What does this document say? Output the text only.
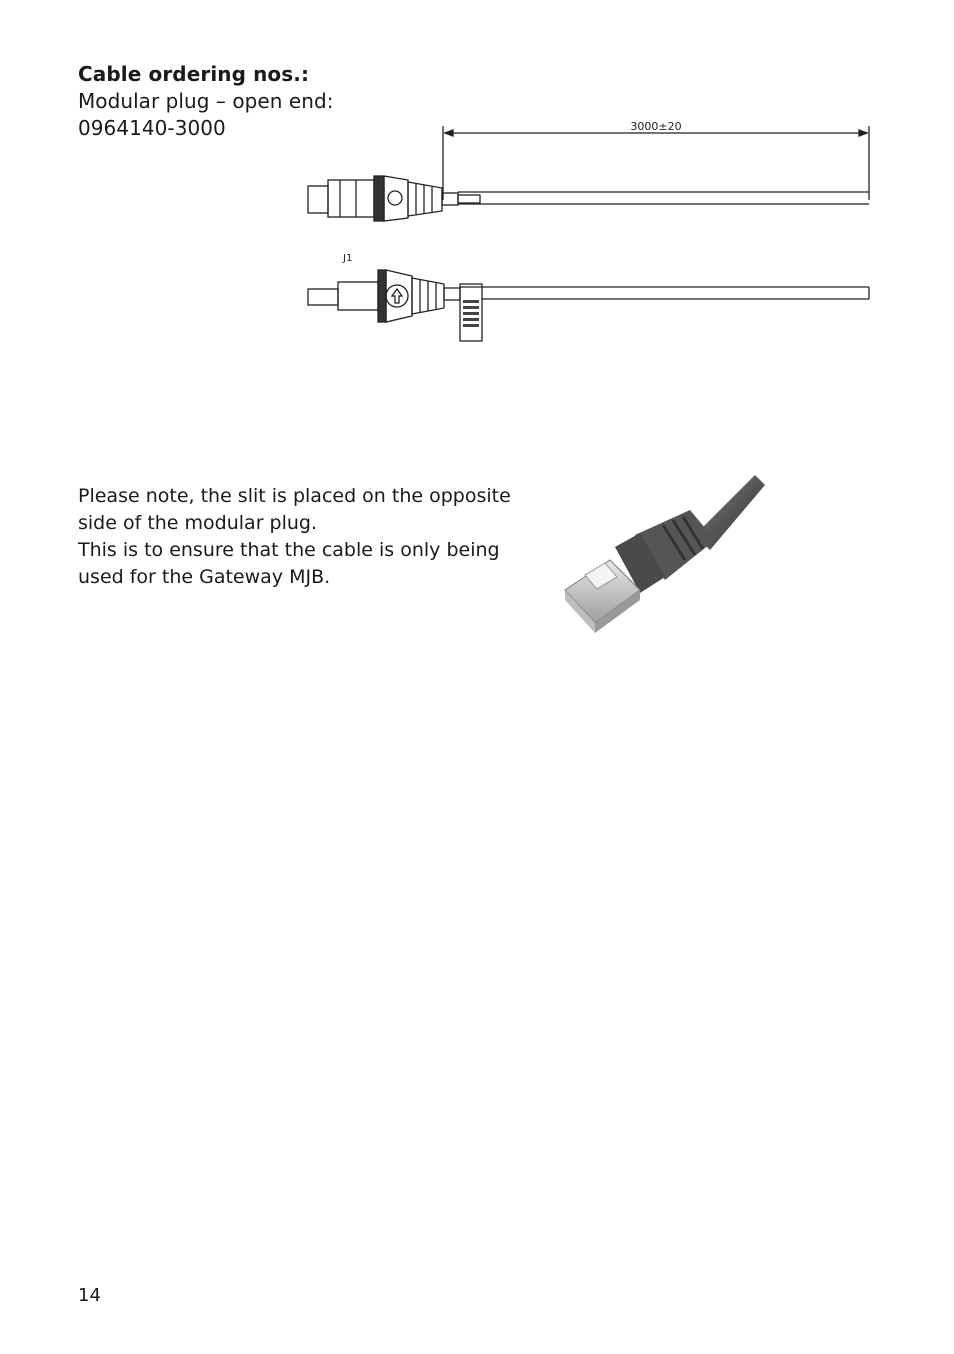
Cable ordering nos.:
Modular plug – open end:
0964140-3000	3000±20
J1
Please note, the slit is placed on the opposite
side of the modular plug.
This is to ensure that the cable is only being
used for the Gateway MJB.
14
